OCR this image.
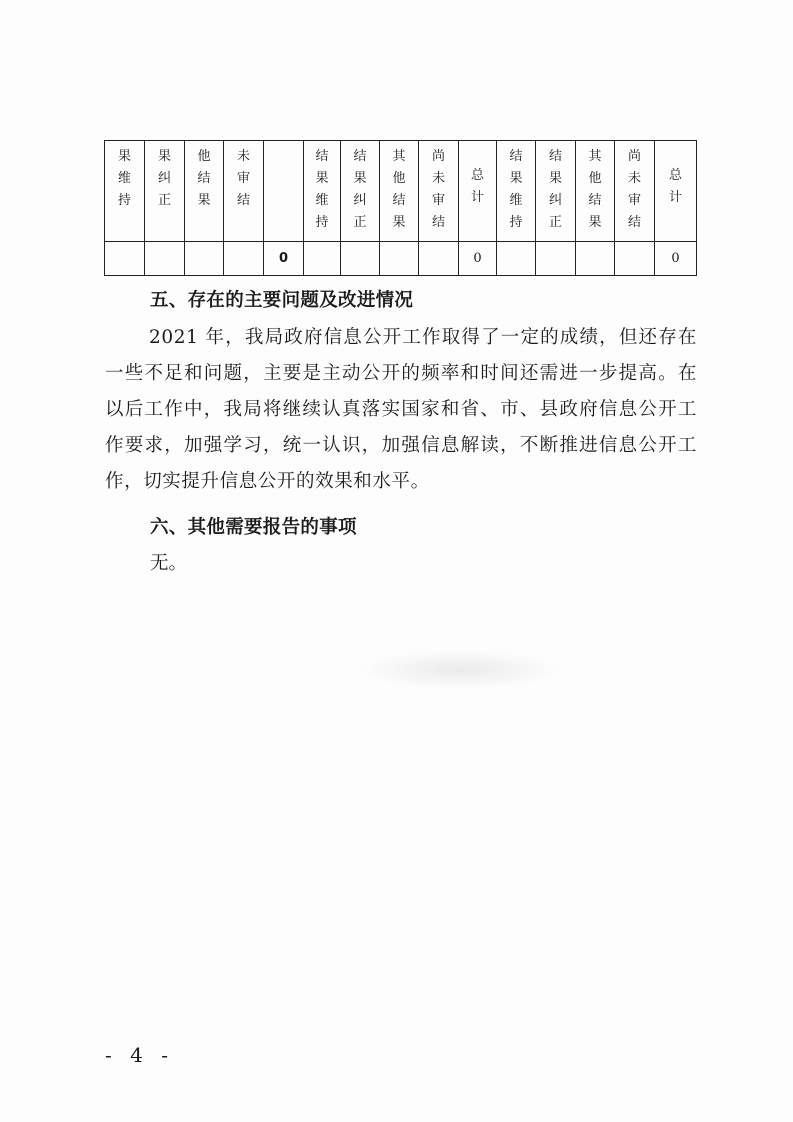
果维持	果纠正	他结果	未审结		结果维持	结果纠正	其他结果	尚未审结	总计	结果维持	结果纠正	其他结果	尚未审结	总计
				0					0					0
五、存在的主要问题及改进情况

2021 年，我局政府信息公开工作取得了一定的成绩，但还存在一些不足和问题，主要是主动公开的频率和时间还需进一步提高。在以后工作中，我局将继续认真落实国家和省、市、县政府信息公开工作要求，加强学习，统一认识，加强信息解读，不断推进信息公开工作，切实提升信息公开的效果和水平。

六、其他需要报告的事项

无。

- 4 -
